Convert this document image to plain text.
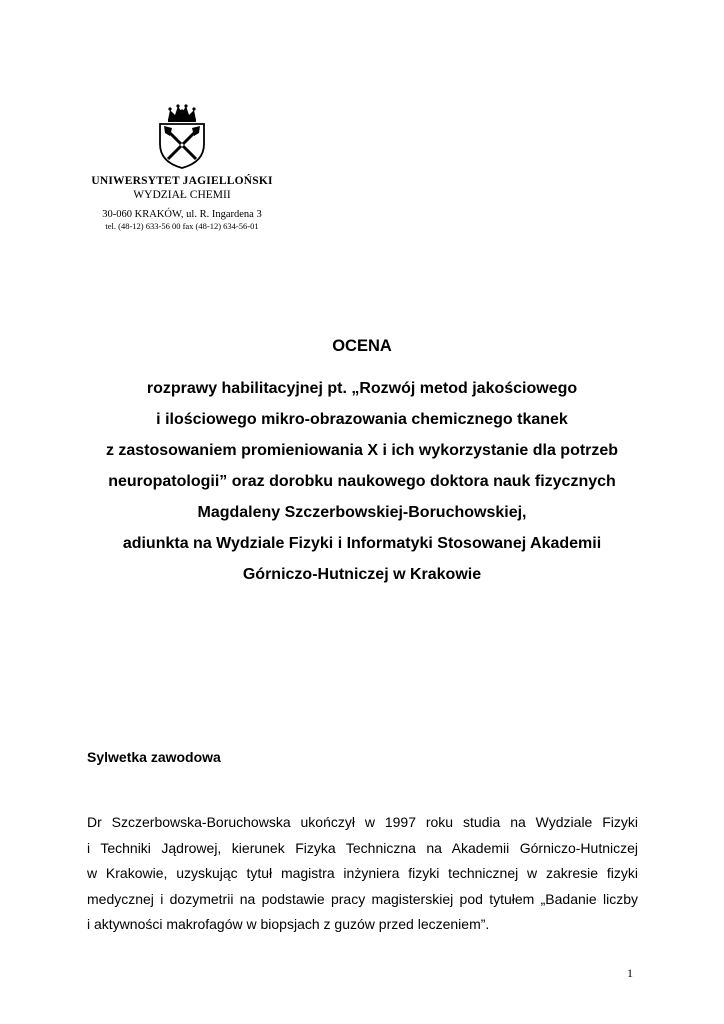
UNIWERSYTET JAGIELLOŃSKI
WYDZIAŁ CHEMII
30-060 KRAKÓW, ul. R. Ingardena 3
tel. (48-12) 633-56 00 fax (48-12) 634-56-01
OCENA
rozprawy habilitacyjnej pt. „Rozwój metod jakościowego
i ilościowego mikro-obrazowania chemicznego tkanek
z zastosowaniem promieniowania X i ich wykorzystanie dla potrzeb
neuropatologii” oraz dorobku naukowego doktora nauk fizycznych
Magdaleny Szczerbowskiej-Boruchowskiej,
adiunkta na Wydziale Fizyki i Informatyki Stosowanej Akademii
Górniczo-Hutniczej w Krakowie
Sylwetka zawodowa
Dr Szczerbowska-Boruchowska ukończył w 1997 roku studia na Wydziale Fizyki
i Techniki Jądrowej, kierunek Fizyka Techniczna na Akademii Górniczo-Hutniczej
w Krakowie, uzyskując tytuł magistra inżyniera fizyki technicznej w zakresie fizyki
medycznej i dozymetrii na podstawie pracy magisterskiej pod tytułem „Badanie liczby
i aktywności makrofagów w biopsjach z guzów przed leczeniem”.
1
